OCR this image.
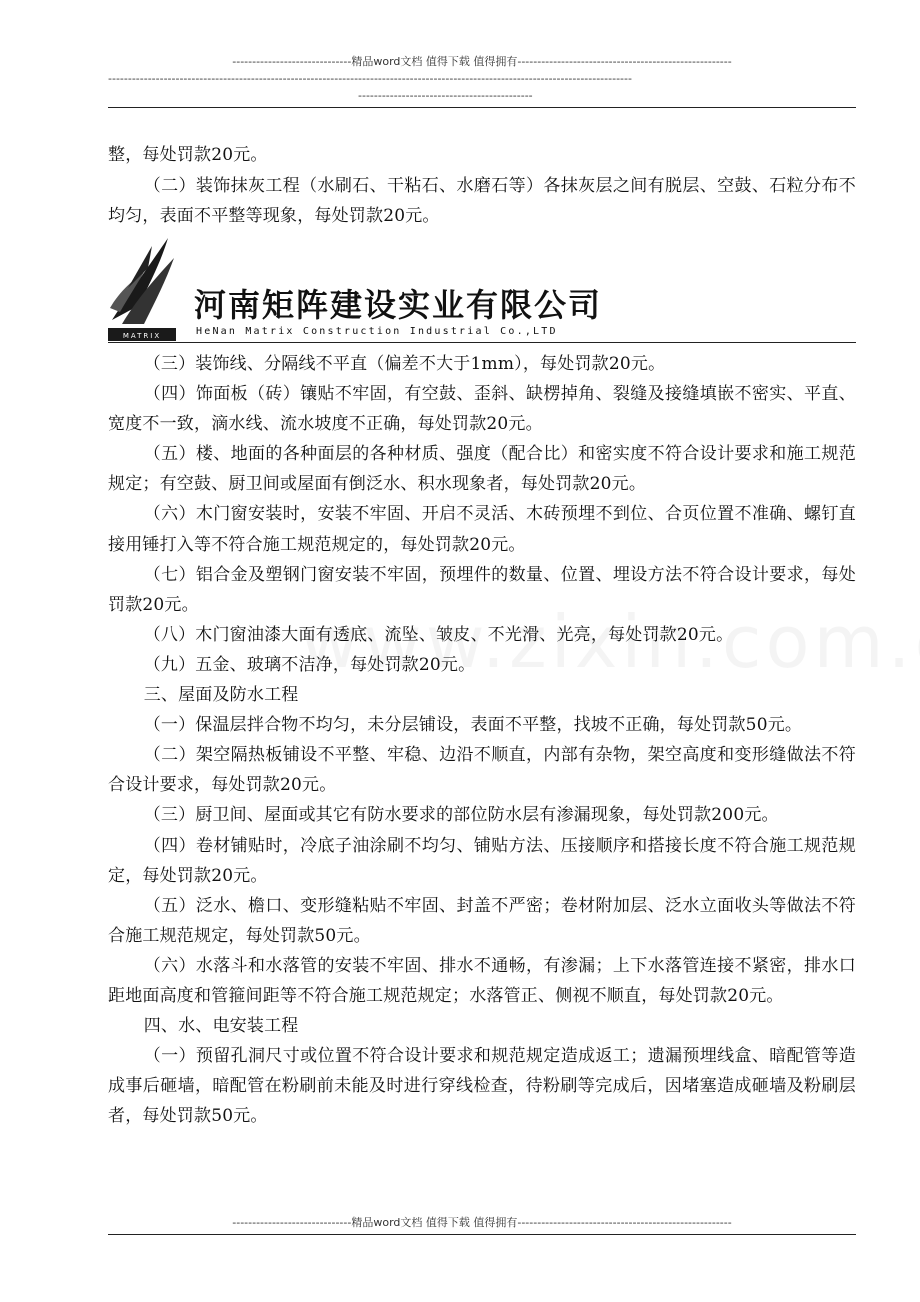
------------------------------精品word文档 值得下载 值得拥有------------------------------------------------------
------------------------------------------------------------------------------------------------------------------------------------
--------------------------------------------

整，每处罚款20元。

（二）装饰抹灰工程（水刷石、干粘石、水磨石等）各抹灰层之间有脱层、空鼓、石粒分布不均匀，表面不平整等现象，每处罚款20元。

MATRIX
河南矩阵建设实业有限公司
HeNan Matrix Construction Industrial Co.,LTD

（三）装饰线、分隔线不平直（偏差不大于1mm），每处罚款20元。

（四）饰面板（砖）镶贴不牢固，有空鼓、歪斜、缺楞掉角、裂缝及接缝填嵌不密实、平直、宽度不一致，滴水线、流水坡度不正确，每处罚款20元。

（五）楼、地面的各种面层的各种材质、强度（配合比）和密实度不符合设计要求和施工规范规定；有空鼓、厨卫间或屋面有倒泛水、积水现象者，每处罚款20元。

（六）木门窗安装时，安装不牢固、开启不灵活、木砖预埋不到位、合页位置不准确、螺钉直接用锤打入等不符合施工规范规定的，每处罚款20元。

（七）铝合金及塑钢门窗安装不牢固，预埋件的数量、位置、埋设方法不符合设计要求，每处罚款20元。

（八）木门窗油漆大面有透底、流坠、皱皮、不光滑、光亮，每处罚款20元。

（九）五金、玻璃不洁净，每处罚款20元。

三、屋面及防水工程

（一）保温层拌合物不均匀，未分层铺设，表面不平整，找坡不正确，每处罚款50元。

（二）架空隔热板铺设不平整、牢稳、边沿不顺直，内部有杂物，架空高度和变形缝做法不符合设计要求，每处罚款20元。

（三）厨卫间、屋面或其它有防水要求的部位防水层有渗漏现象，每处罚款200元。

（四）卷材铺贴时，冷底子油涂刷不均匀、铺贴方法、压接顺序和搭接长度不符合施工规范规定，每处罚款20元。

（五）泛水、檐口、变形缝粘贴不牢固、封盖不严密；卷材附加层、泛水立面收头等做法不符合施工规范规定，每处罚款50元。

（六）水落斗和水落管的安装不牢固、排水不通畅，有渗漏；上下水落管连接不紧密，排水口距地面高度和管箍间距等不符合施工规范规定；水落管正、侧视不顺直，每处罚款20元。

四、水、电安装工程

（一）预留孔洞尺寸或位置不符合设计要求和规范规定造成返工；遗漏预埋线盒、暗配管等造成事后砸墙，暗配管在粉刷前未能及时进行穿线检查，待粉刷等完成后，因堵塞造成砸墙及粉刷层者，每处罚款50元。

------------------------------精品word文档 值得下载 值得拥有------------------------------------------------------
